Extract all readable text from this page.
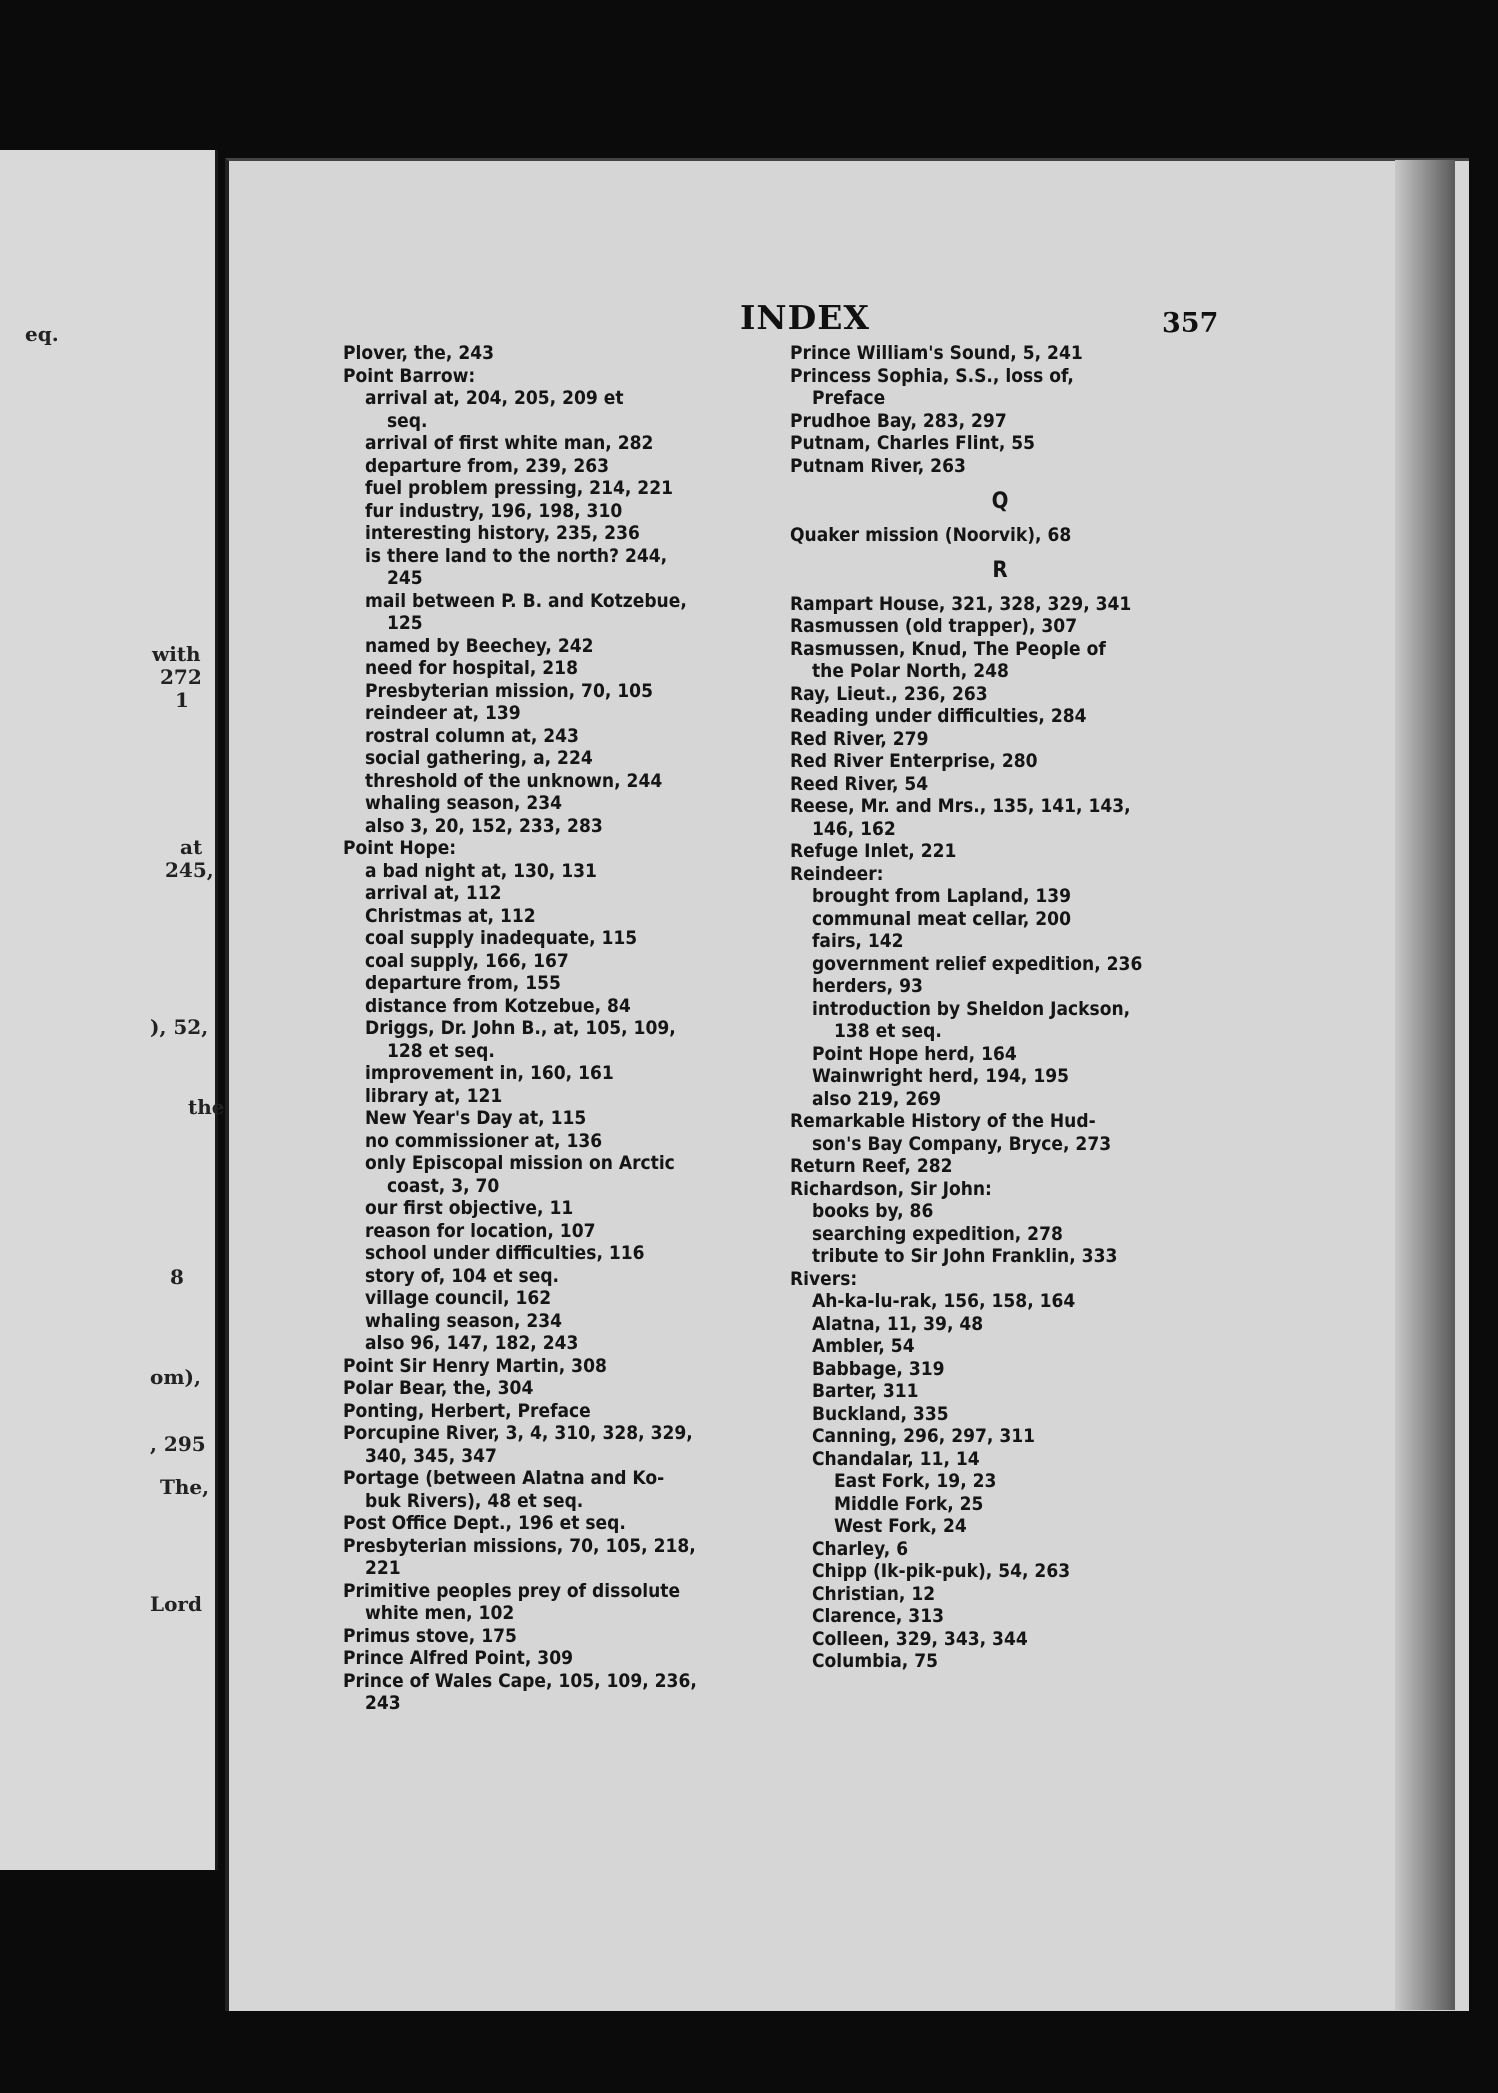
eq.
with
272
1
at
245,
), 52,
the
8
om),
, 295
The,
Lord
INDEX	357
Plover, the, 243
Point Barrow:
arrival at, 204, 205, 209 et
seq.
arrival of first white man, 282
departure from, 239, 263
fuel problem pressing, 214, 221
fur industry, 196, 198, 310
interesting history, 235, 236
is there land to the north? 244,
245
mail between P. B. and Kotzebue,
125
named by Beechey, 242
need for hospital, 218
Presbyterian mission, 70, 105
reindeer at, 139
rostral column at, 243
social gathering, a, 224
threshold of the unknown, 244
whaling season, 234
also 3, 20, 152, 233, 283
Point Hope:
a bad night at, 130, 131
arrival at, 112
Christmas at, 112
coal supply inadequate, 115
coal supply, 166, 167
departure from, 155
distance from Kotzebue, 84
Driggs, Dr. John B., at, 105, 109,
128 et seq.
improvement in, 160, 161
library at, 121
New Year's Day at, 115
no commissioner at, 136
only Episcopal mission on Arctic
coast, 3, 70
our first objective, 11
reason for location, 107
school under difficulties, 116
story of, 104 et seq.
village council, 162
whaling season, 234
also 96, 147, 182, 243
Point Sir Henry Martin, 308
Polar Bear, the, 304
Ponting, Herbert, Preface
Porcupine River, 3, 4, 310, 328, 329,
340, 345, 347
Portage (between Alatna and Ko-
buk Rivers), 48 et seq.
Post Office Dept., 196 et seq.
Presbyterian missions, 70, 105, 218,
221
Primitive peoples prey of dissolute
white men, 102
Primus stove, 175
Prince Alfred Point, 309
Prince of Wales Cape, 105, 109, 236,
243
Prince William's Sound, 5, 241
Princess Sophia, S.S., loss of,
Preface
Prudhoe Bay, 283, 297
Putnam, Charles Flint, 55
Putnam River, 263
Q
Quaker mission (Noorvik), 68
R
Rampart House, 321, 328, 329, 341
Rasmussen (old trapper), 307
Rasmussen, Knud, The People of
the Polar North, 248
Ray, Lieut., 236, 263
Reading under difficulties, 284
Red River, 279
Red River Enterprise, 280
Reed River, 54
Reese, Mr. and Mrs., 135, 141, 143,
146, 162
Refuge Inlet, 221
Reindeer:
brought from Lapland, 139
communal meat cellar, 200
fairs, 142
government relief expedition, 236
herders, 93
introduction by Sheldon Jackson,
138 et seq.
Point Hope herd, 164
Wainwright herd, 194, 195
also 219, 269
Remarkable History of the Hud-
son's Bay Company, Bryce, 273
Return Reef, 282
Richardson, Sir John:
books by, 86
searching expedition, 278
tribute to Sir John Franklin, 333
Rivers:
Ah-ka-lu-rak, 156, 158, 164
Alatna, 11, 39, 48
Ambler, 54
Babbage, 319
Barter, 311
Buckland, 335
Canning, 296, 297, 311
Chandalar, 11, 14
East Fork, 19, 23
Middle Fork, 25
West Fork, 24
Charley, 6
Chipp (Ik-pik-puk), 54, 263
Christian, 12
Clarence, 313
Colleen, 329, 343, 344
Columbia, 75
